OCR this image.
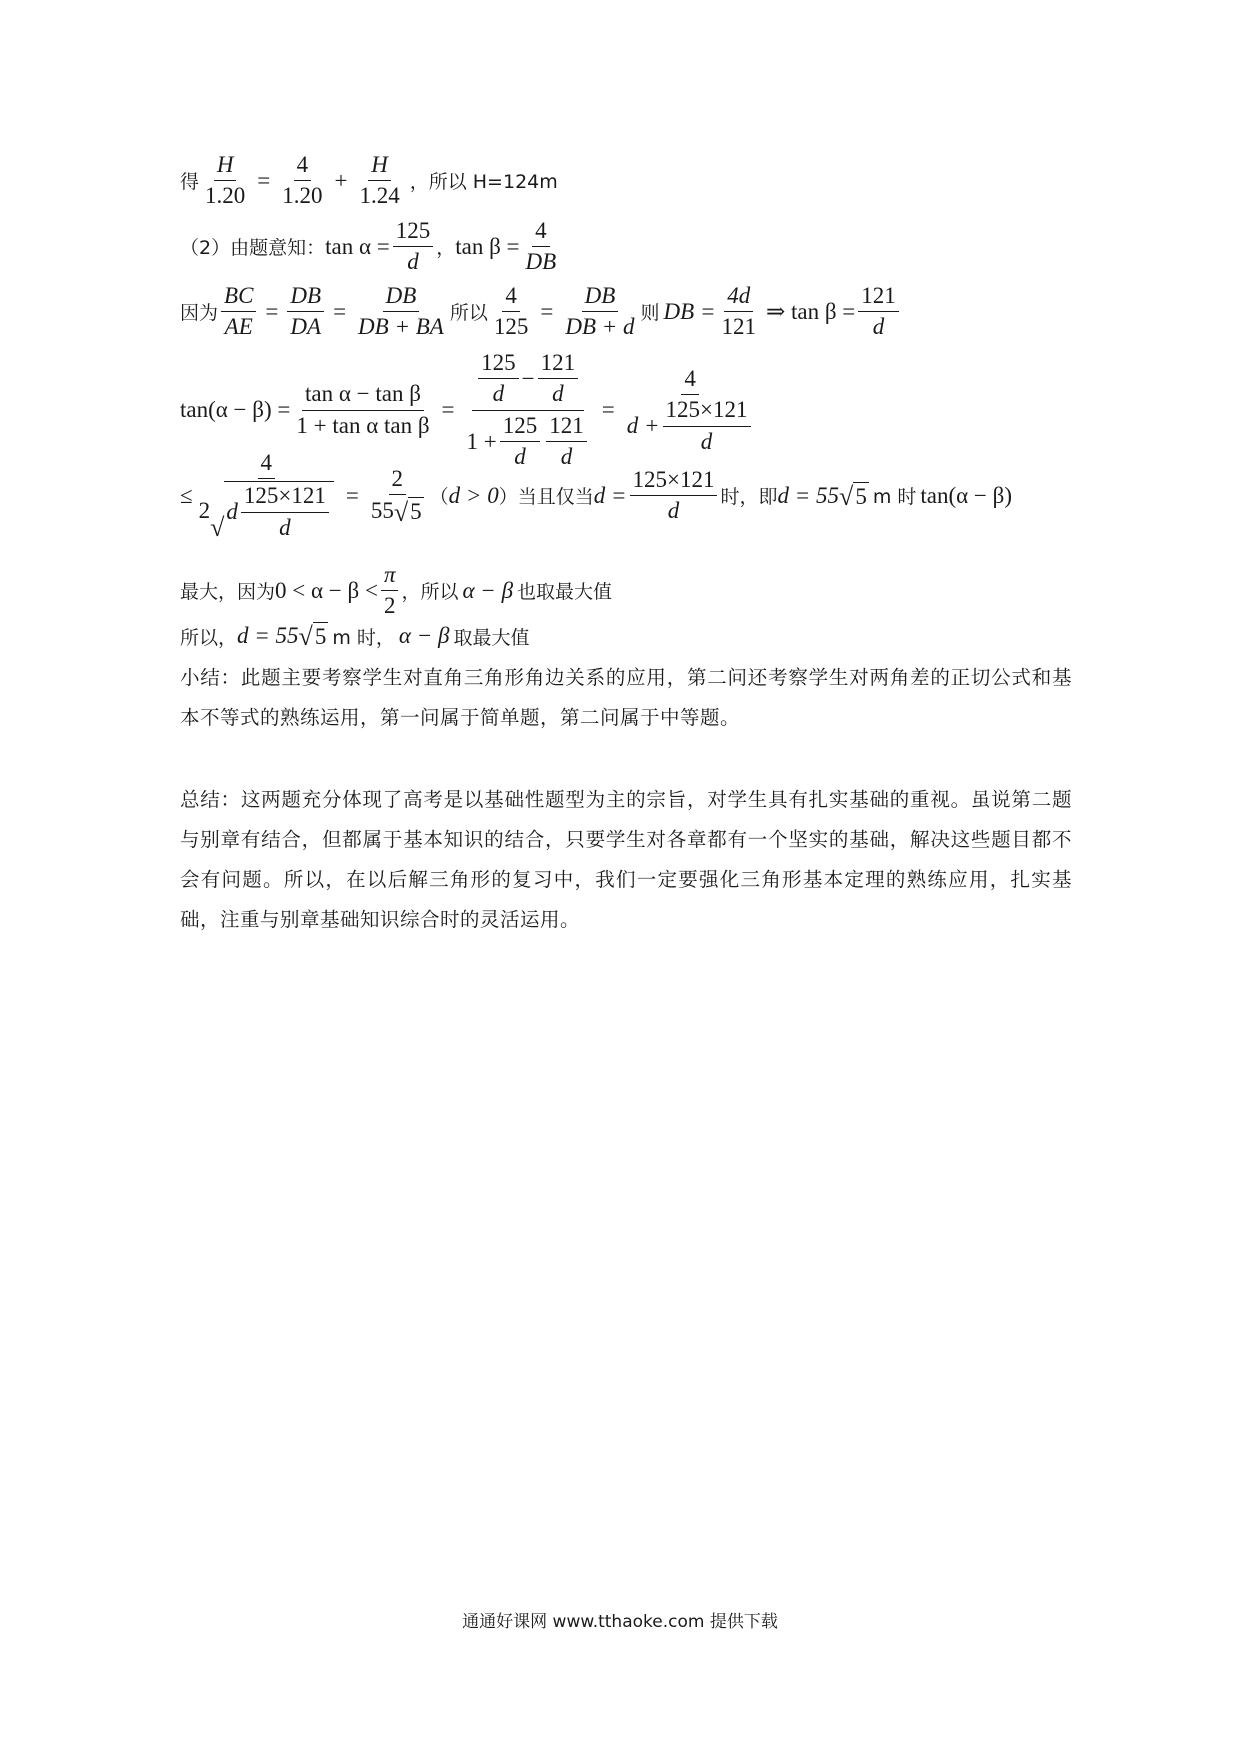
得 $\frac{H}{1.20} = \frac{4}{1.20} + \frac{H}{1.24}$ ，所以 H=124m
（2）由题意知： $\tan \alpha = \frac{125}{d}$ ， $\tan \beta = \frac{4}{DB}$
因为 $\frac{BC}{AE} = \frac{DB}{DA} = \frac{DB}{DB + BA}$ 所以 $\frac{4}{125} = \frac{DB}{DB + d}$ 则 DB = $\frac{4d}{121}$ ⇒ $\tan \beta = \frac{121}{d}$
$\tan(\alpha - \beta) = \frac{\text{tan α − tan β}}{\text{1 + tan α tan β}} = \frac{\frac{125}{d} - \frac{121}{d}}{1 + \frac{125}{d} \frac{121}{d}} = \frac{4}{d + \frac{125\times 121}{d}}$
≤ 4
2
√
d $\frac{125\times 121}{d} = \frac{2}{55 √ 5}$ （ d > 0 ）当且仅当 $d = \frac{125\times 121}{d}$ 时，即 d = 55 √ 5 m 时 tan(α − β)
最大，因为 $0 < \alpha - \beta < \frac{\pi}{2}$ ，所以 α − β 也取最大值
所以， d = 55 √ 5 m 时， α − β 取最大值
小结：此题主要考察学生对直角三角形角边关系的应用，第二问还考察学生对两角差的正切公式和基本不等式的熟练运用，第一问属于简单题，第二问属于中等题。
总结：这两题充分体现了高考是以基础性题型为主的宗旨，对学生具有扎实基础的重视。虽说第二题与别章有结合，但都属于基本知识的结合，只要学生对各章都有一个坚实的基础，解决这些题目都不会有问题。所以，在以后解三角形的复习中，我们一定要强化三角形基本定理的熟练应用，扎实基础，注重与别章基础知识综合时的灵活运用。
通通好课网 www.tthaoke.com 提供下载
